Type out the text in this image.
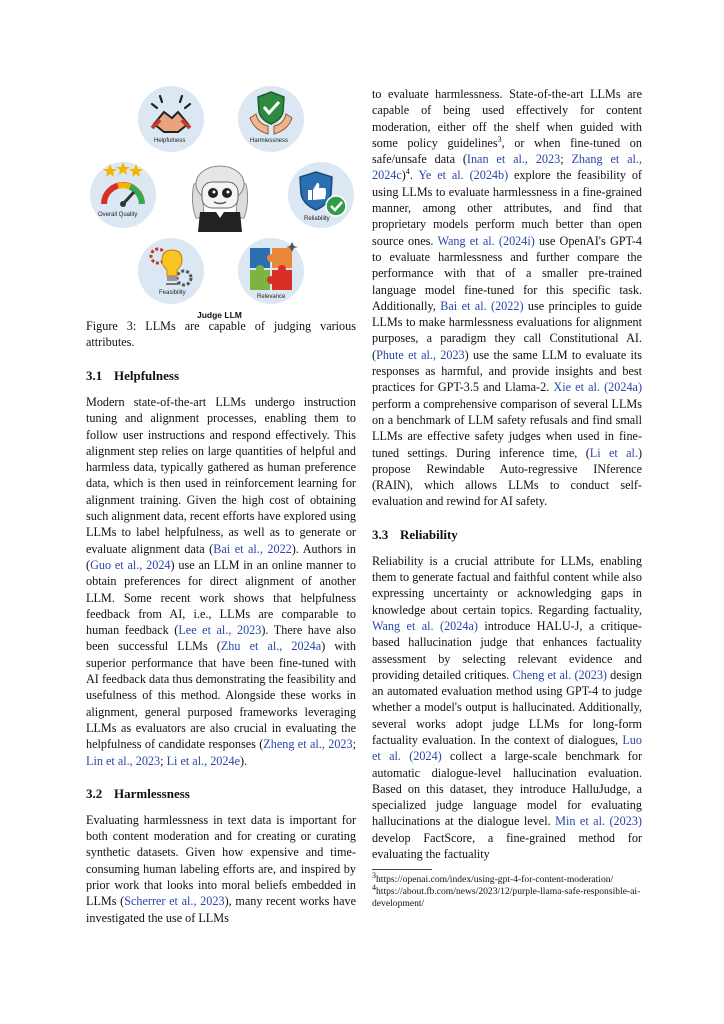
Helpfulness	Harmlessness
Overall Quality
Judge LLM
Reliability
Feasibility
Relevance
Figure 3: LLMs are capable of judging various attributes.
3.1 Helpfulness

Modern state-of-the-art LLMs undergo instruction tuning and alignment processes, enabling them to follow user instructions and respond effectively. This alignment step relies on large quantities of helpful and harmless data, typically gathered as human preference data, which is then used in reinforcement learning for alignment training. Given the high cost of obtaining such alignment data, recent efforts have explored using LLMs to label helpfulness, as well as to generate or evaluate alignment data (Bai et al., 2022). Authors in (Guo et al., 2024) use an LLM in an online manner to obtain preferences for direct alignment of another LLM. Some recent work shows that helpfulness feedback from AI, i.e., LLMs are comparable to human feedback (Lee et al., 2023). There have also been successful LLMs (Zhu et al., 2024a) with superior performance that have been fine-tuned with AI feedback data thus demonstrating the feasibility and usefulness of this method. Alongside these works in alignment, general purposed frameworks leveraging LLMs as evaluators are also crucial in evaluating the helpfulness of candidate responses (Zheng et al., 2023; Lin et al., 2023; Li et al., 2024e).

3.2 Harmlessness

Evaluating harmlessness in text data is important for both content moderation and for creating or curating synthetic datasets. Given how expensive and time-consuming human labeling efforts are, and inspired by prior work that looks into moral beliefs embedded in LLMs (Scherrer et al., 2023), many recent works have investigated the use of LLMs

to evaluate harmlessness. State-of-the-art LLMs are capable of being used effectively for content moderation, either off the shelf when guided with some policy guidelines$^3$, or when fine-tuned on safe/unsafe data (Inan et al., 2023; Zhang et al., 2024c)$^4$. Ye et al. (2024b) explore the feasibility of using LLMs to evaluate harmlessness in a fine-grained manner, among other attributes, and find that proprietary models perform much better than open source ones. Wang et al. (2024i) use OpenAI's GPT-4 to evaluate harmlessness and further compare the performance with that of a smaller pre-trained language model fine-tuned for this specific task. Additionally, Bai et al. (2022) use principles to guide LLMs to make harmlessness evaluations for alignment purposes, a paradigm they call Constitutional AI. (Phute et al., 2023) use the same LLM to evaluate its responses as harmful, and provide insights and best practices for GPT-3.5 and Llama-2. Xie et al. (2024a) perform a comprehensive comparison of several LLMs on a benchmark of LLM safety refusals and find small LLMs are effective safety judges when used in fine-tuned settings. During inference time, (Li et al.) propose Rewindable Auto-regressive INference (RAIN), which allows LLMs to conduct self-evaluation and rewind for AI safety.

3.3 Reliability

Reliability is a crucial attribute for LLMs, enabling them to generate factual and faithful content while also expressing uncertainty or acknowledging gaps in knowledge about certain topics. Regarding factuality, Wang et al. (2024a) introduce HALU-J, a critique-based hallucination judge that enhances factuality assessment by selecting relevant evidence and providing detailed critiques. Cheng et al. (2023) design an automated evaluation method using GPT-4 to judge whether a model's output is hallucinated. Additionally, several works adopt judge LLMs for long-form factuality evaluation. In the context of dialogues, Luo et al. (2024) collect a large-scale benchmark for automatic dialogue-level hallucination evaluation. Based on this dataset, they introduce HalluJudge, a specialized judge language model for evaluating hallucinations at the dialogue level. Min et al. (2023) develop FactScore, a fine-grained method for evaluating the factuality

$^3$https://openai.com/index/using-gpt-4-for-content-moderation/
$^4$https://about.fb.com/news/2023/12/purple-llama-safe-responsible-ai-development/
